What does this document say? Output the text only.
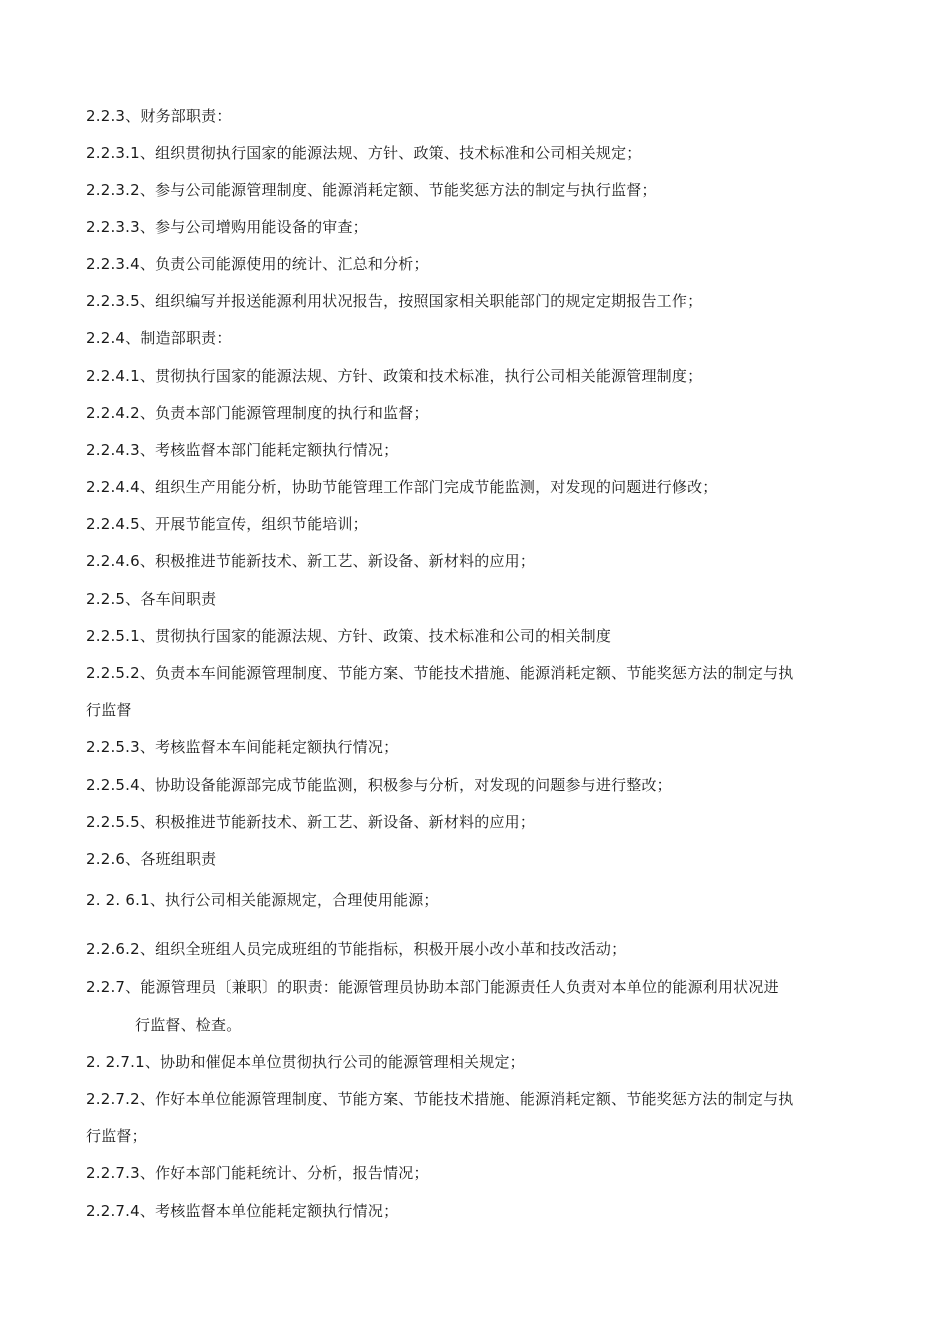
2.2.3、财务部职责：
2.2.3.1、组织贯彻执行国家的能源法规、方针、政策、技术标准和公司相关规定；
2.2.3.2、参与公司能源管理制度、能源消耗定额、节能奖惩方法的制定与执行监督；
2.2.3.3、参与公司增购用能设备的审查；
2.2.3.4、负责公司能源使用的统计、汇总和分析；
2.2.3.5、组织编写并报送能源利用状况报告，按照国家相关职能部门的规定定期报告工作；
2.2.4、制造部职责：
2.2.4.1、贯彻执行国家的能源法规、方针、政策和技术标准，执行公司相关能源管理制度；
2.2.4.2、负责本部门能源管理制度的执行和监督；
2.2.4.3、考核监督本部门能耗定额执行情况；
2.2.4.4、组织生产用能分析，协助节能管理工作部门完成节能监测，对发现的问题进行修改；
2.2.4.5、开展节能宣传，组织节能培训；
2.2.4.6、积极推进节能新技术、新工艺、新设备、新材料的应用；
2.2.5、各车间职责
2.2.5.1、贯彻执行国家的能源法规、方针、政策、技术标准和公司的相关制度
2.2.5.2、负责本车间能源管理制度、节能方案、节能技术措施、能源消耗定额、节能奖惩方法的制定与执
行监督
2.2.5.3、考核监督本车间能耗定额执行情况；
2.2.5.4、协助设备能源部完成节能监测，积极参与分析，对发现的问题参与进行整改；
2.2.5.5、积极推进节能新技术、新工艺、新设备、新材料的应用；
2.2.6、各班组职责
2. 2. 6.1、执行公司相关能源规定，合理使用能源；
2.2.6.2、组织全班组人员完成班组的节能指标，积极开展小改小革和技改活动；
2.2.7、能源管理员〔兼职〕的职责：能源管理员协助本部门能源责任人负责对本单位的能源利用状况进
行监督、检查。
2. 2.7.1、协助和催促本单位贯彻执行公司的能源管理相关规定；
2.2.7.2、作好本单位能源管理制度、节能方案、节能技术措施、能源消耗定额、节能奖惩方法的制定与执
行监督；
2.2.7.3、作好本部门能耗统计、分析，报告情况；
2.2.7.4、考核监督本单位能耗定额执行情况；
